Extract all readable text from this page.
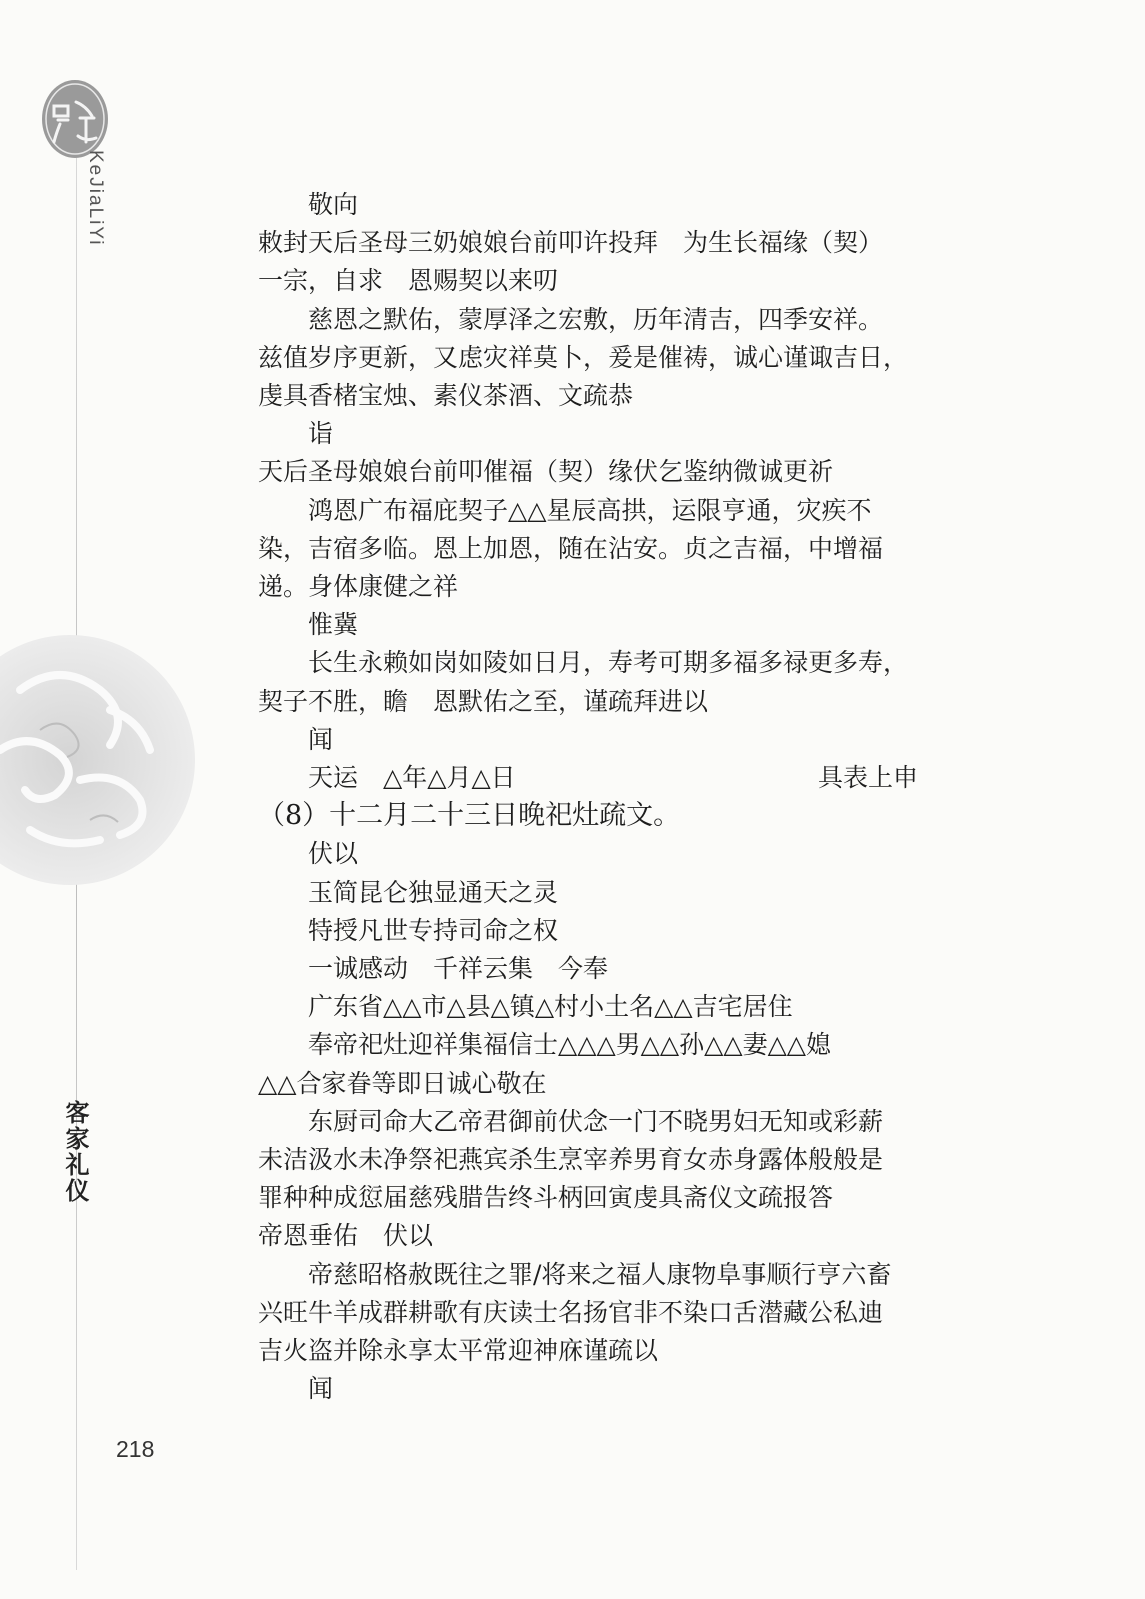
KeJiaLiYi
客家礼仪

敬向

敕封天后圣母三奶娘娘台前叩许投拜　为生长福缘（契）

一宗，自求　恩赐契以来叨

慈恩之默佑，蒙厚泽之宏敷，历年清吉，四季安祥。

兹值岁序更新，又虑灾祥莫卜，爰是催祷，诚心谨诹吉日，

虔具香楮宝烛、素仪茶酒、文疏恭

诣

天后圣母娘娘台前叩催福（契）缘伏乞鉴纳微诚更祈

鸿恩广布福庇契子△△星辰高拱，运限亨通，灾疾不

染，吉宿多临。恩上加恩，随在沾安。贞之吉福，中增福

递。身体康健之祥

惟冀

长生永赖如岗如陵如日月，寿考可期多福多禄更多寿，

契子不胜，瞻　恩默佑之至，谨疏拜进以

闻

天运　△年△月△日	具表上申

（8）十二月二十三日晚祀灶疏文。

伏以

玉简昆仑独显通天之灵

特授凡世专持司命之权

一诚感动　千祥云集　今奉

广东省△△市△县△镇△村小土名△△吉宅居住

奉帝祀灶迎祥集福信士△△△男△△孙△△妻△△媳

△△合家眷等即日诚心敬在

东厨司命大乙帝君御前伏念一门不晓男妇无知或彩薪

未洁汲水未净祭祀燕宾杀生烹宰养男育女赤身露体般般是

罪种种成愆届慈残腊告终斗柄回寅虔具斋仪文疏报答

帝恩垂佑　伏以

帝慈昭格赦既往之罪/将来之福人康物阜事顺行亨六畜

兴旺牛羊成群耕歌有庆读士名扬官非不染口舌潜藏公私迪

吉火盗并除永享太平常迎神庥谨疏以

闻

218
